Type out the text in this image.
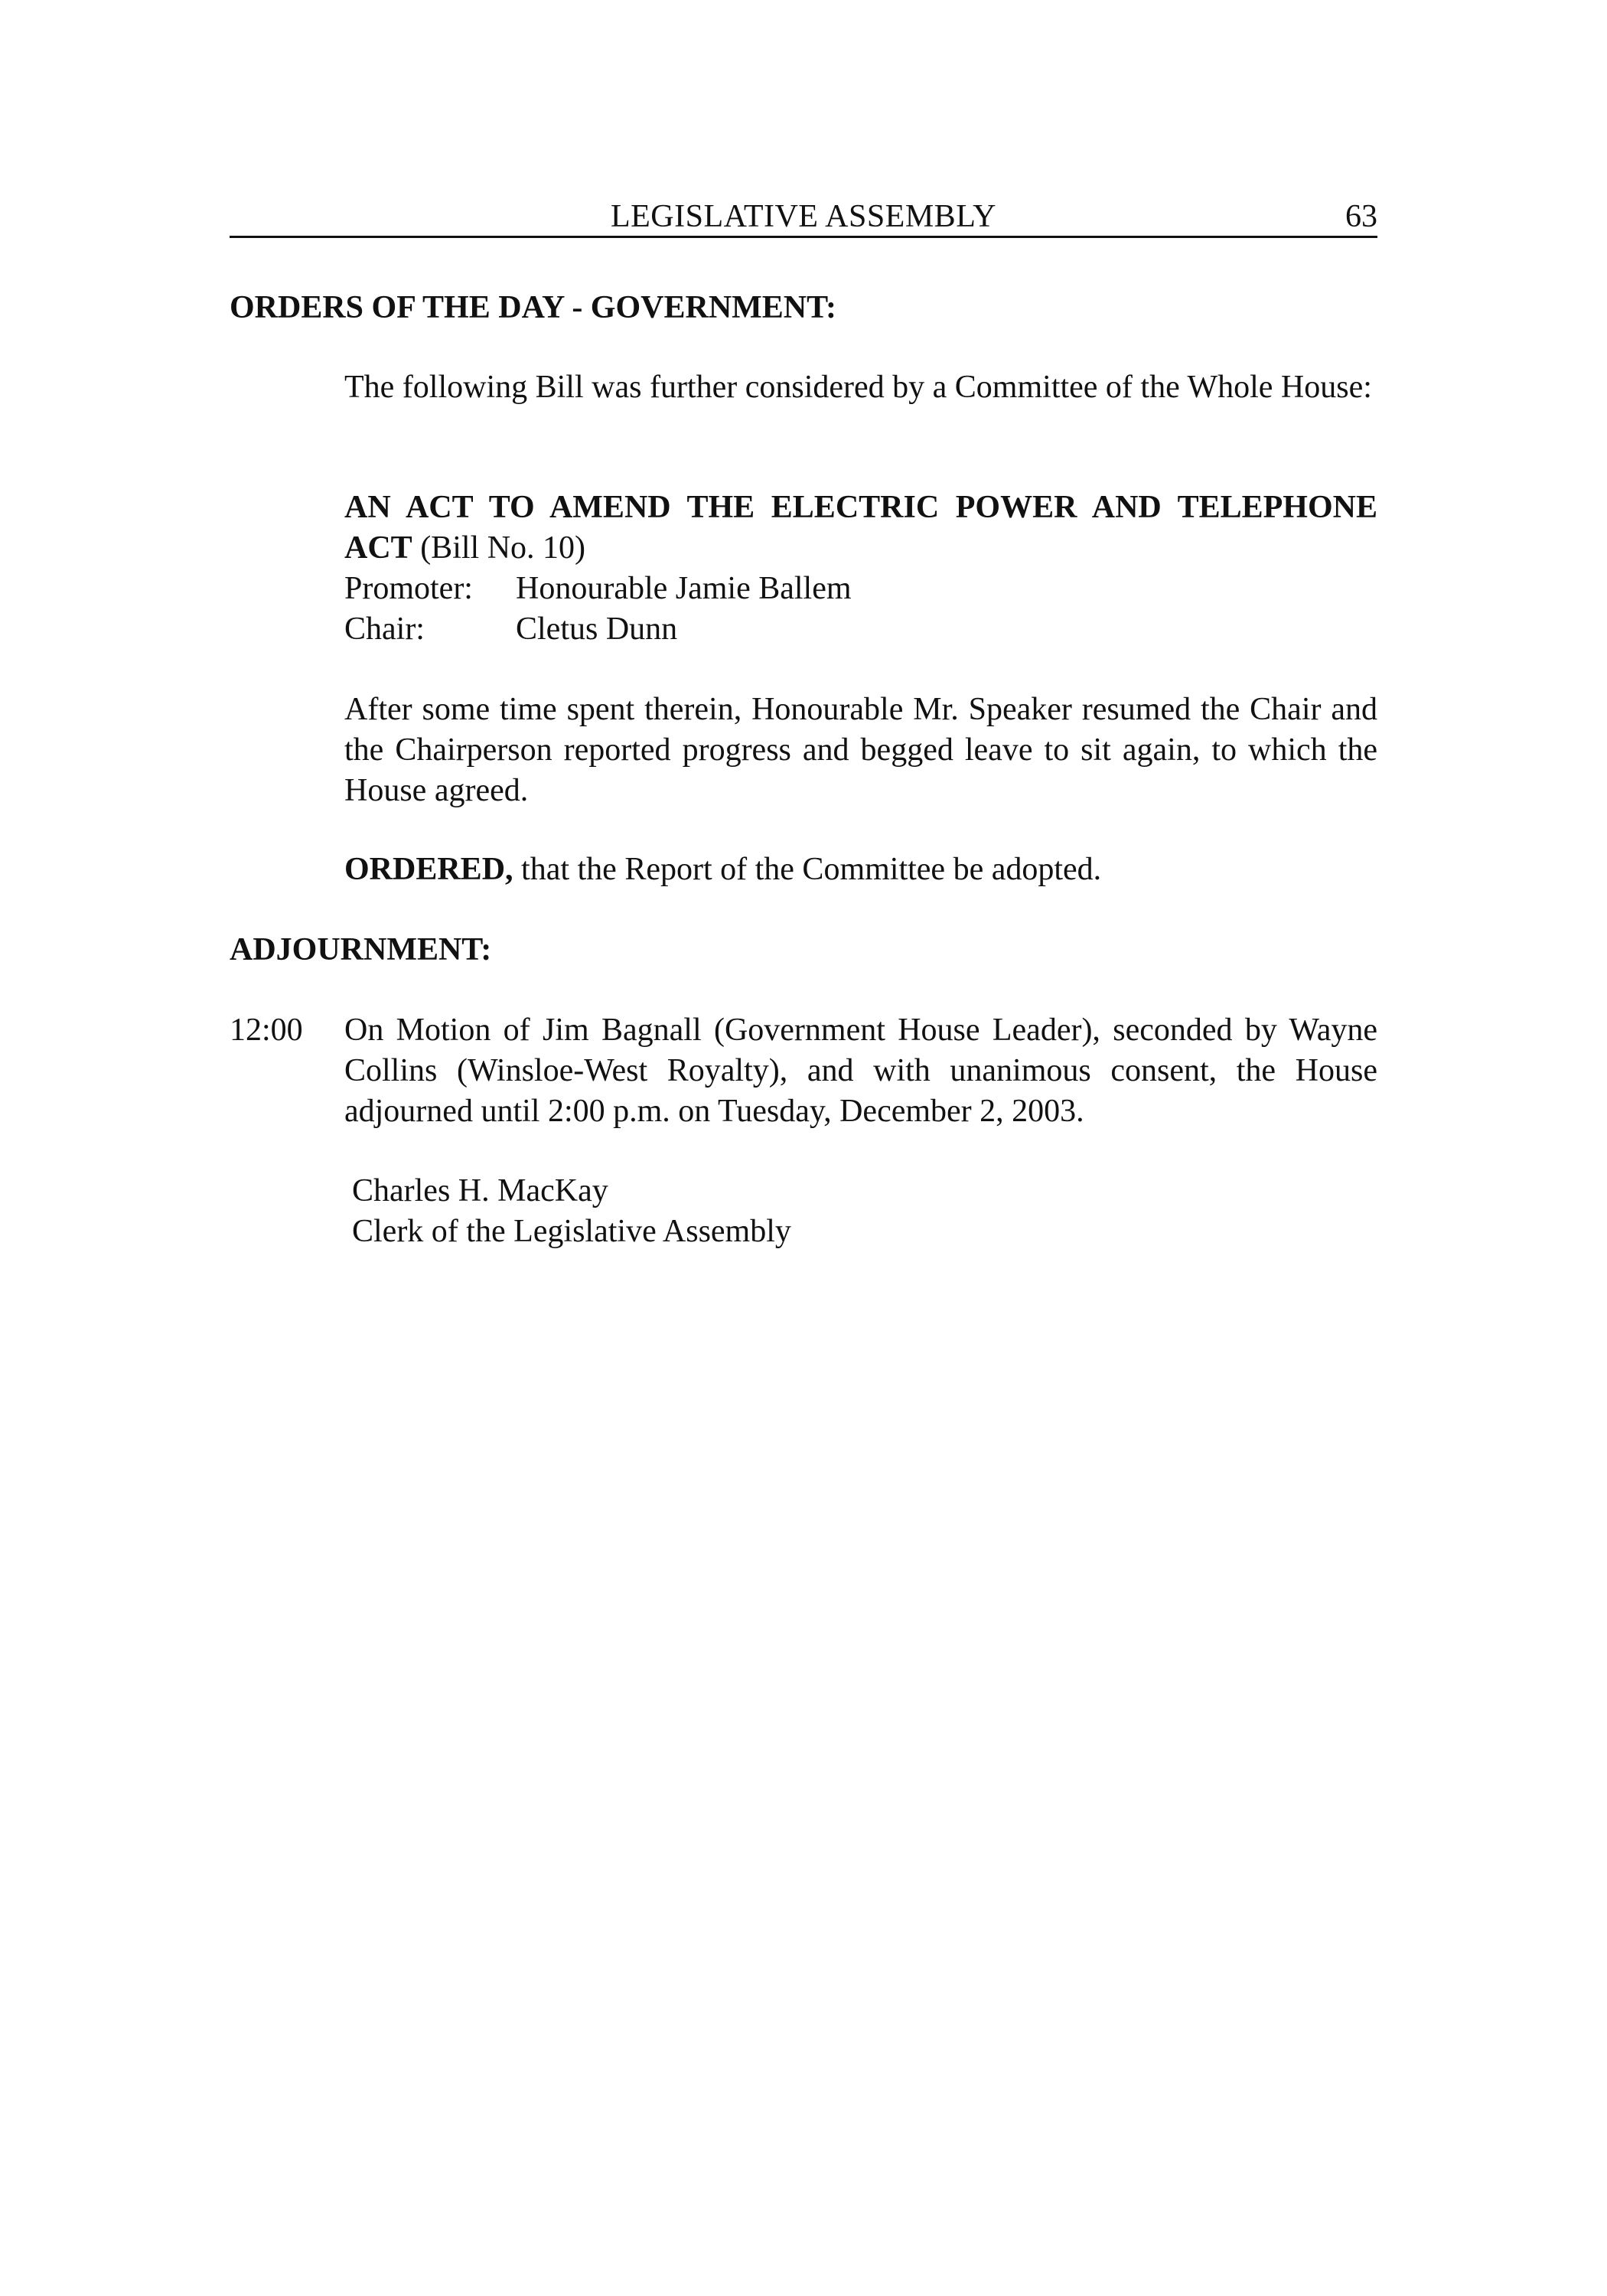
LEGISLATIVE ASSEMBLY	63
ORDERS OF THE DAY - GOVERNMENT:

The following Bill was further considered by a Committee of the Whole House:

AN ACT TO AMEND THE ELECTRIC POWER AND TELEPHONE
ACT (Bill No. 10)
Promoter:	Honourable Jamie Ballem
Chair:	Cletus Dunn

After some time spent therein, Honourable Mr. Speaker resumed the Chair and the Chairperson reported progress and begged leave to sit again, to which the House agreed.

ORDERED, that the Report of the Committee be adopted.

ADJOURNMENT:
12:00 On Motion of Jim Bagnall (Government House Leader), seconded by Wayne Collins (Winsloe-West Royalty), and with unanimous consent, the House adjourned until 2:00 p.m. on Tuesday, December 2, 2003.

Charles H. MacKay
Clerk of the Legislative Assembly
